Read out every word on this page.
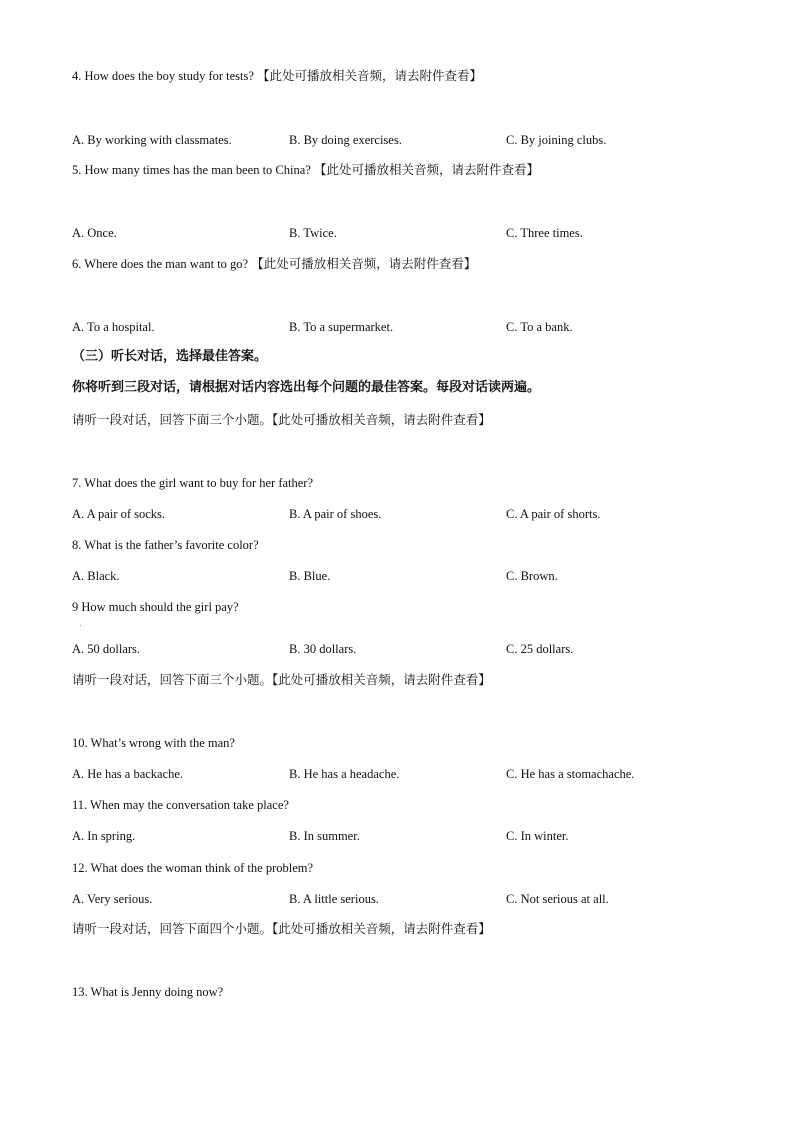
4. How does the boy study for tests? 【此处可播放相关音频，请去附件查看】
A. By working with classmates.	B. By doing exercises.	C. By joining clubs.
5. How many times has the man been to China? 【此处可播放相关音频，请去附件查看】
A. Once.	B. Twice.	C. Three times.
6. Where does the man want to go? 【此处可播放相关音频，请去附件查看】
A. To a hospital.	B. To a supermarket.	C. To a bank.
（三）听长对话，选择最佳答案。
你将听到三段对话，请根据对话内容选出每个问题的最佳答案。每段对话读两遍。
请听一段对话，回答下面三个小题。【此处可播放相关音频，请去附件查看】
7. What does the girl want to buy for her father?
A. A pair of socks.	B. A pair of shoes.	C. A pair of shorts.
8. What is the father’s favorite color?
A. Black.	B. Blue.	C. Brown.
9 How much should the girl pay?
．
A. 50 dollars.	B. 30 dollars.	C. 25 dollars.
请听一段对话，回答下面三个小题。【此处可播放相关音频，请去附件查看】
10. What’s wrong with the man?
A. He has a backache.	B. He has a headache.	C. He has a stomachache.
11. When may the conversation take place?
A. In spring.	B. In summer.	C. In winter.
12. What does the woman think of the problem?
A. Very serious.	B. A little serious.	C. Not serious at all.
请听一段对话，回答下面四个小题。【此处可播放相关音频，请去附件查看】
13. What is Jenny doing now?
